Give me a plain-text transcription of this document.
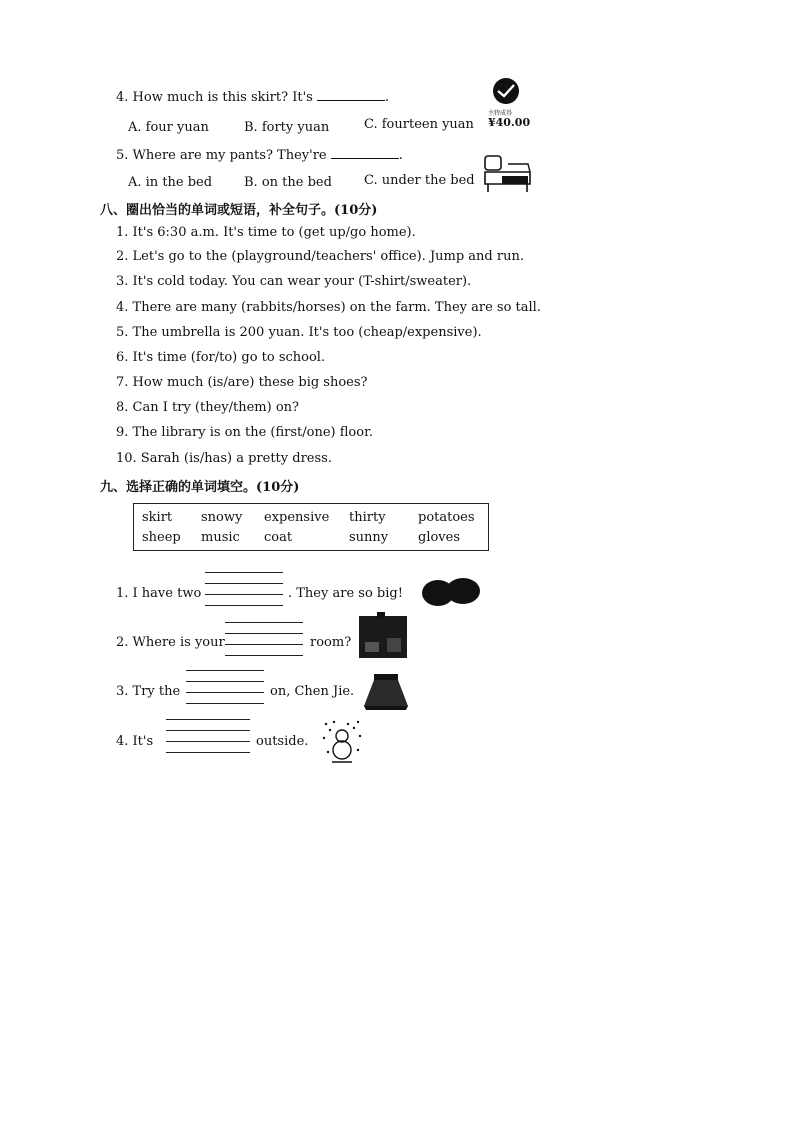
4. How much is this skirt? It's	.
A. four yuan	B. forty yuan	C. fourteen yuan
主特成得
¥40.00
5. Where are my pants? They're	.
A. in the bed B. on the bed C. under the bed
八、圈出恰当的单词或短语，补全句子。(10分)
1. It's 6:30 a.m. It's time to (get up/go home).
2. Let's go to the (playground/teachers' office). Jump and run.
3. It's cold today. You can wear your (T-shirt/sweater).
4. There are many (rabbits/horses) on the farm. They are so tall.
5. The umbrella is 200 yuan. It's too (cheap/expensive).
6. It's time (for/to) go to school.
7. How much (is/are) these big shoes?
8. Can I try (they/them) on?
9. The library is on the (first/one) floor.
10. Sarah (is/has) a pretty dress.
九、选择正确的单词填空。(10分)
skirt snowy expensive thirty potatoes
sheep music coat	sunny gloves
1. I have two	. They are so big!
2. Where is your	room?
3. Try the	on, Chen Jie.
4. It's	outside.
